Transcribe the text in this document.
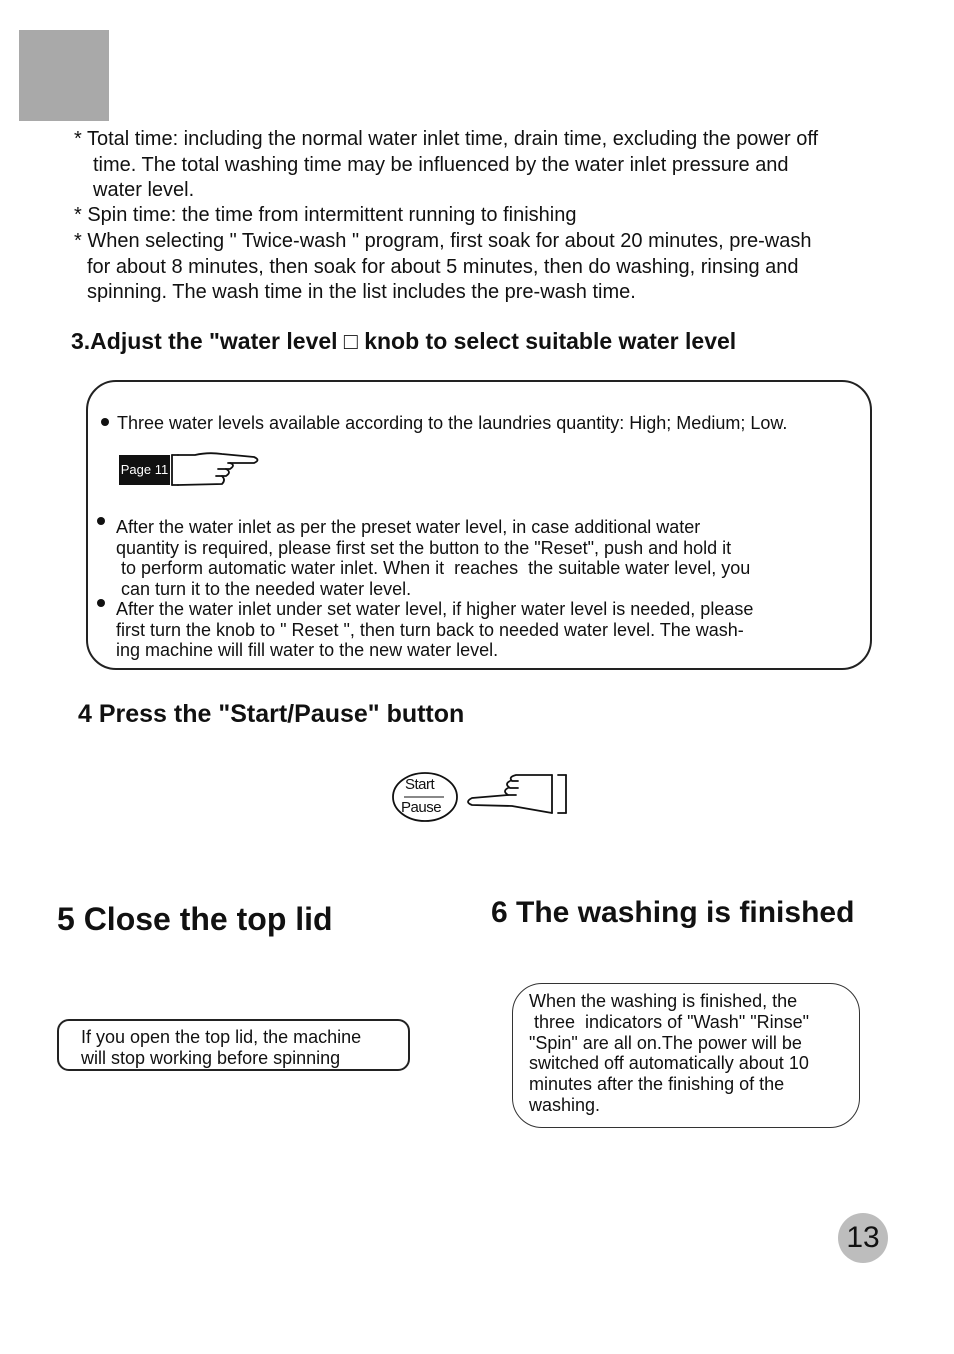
* Total time: including the normal water inlet time, drain time, excluding the power off
time. The total washing time may be influenced by the water inlet pressure and
water level.
* Spin time: the time from intermittent running to finishing
* When selecting " Twice-wash " program, first soak for about 20 minutes, pre-wash
for about 8 minutes, then soak for about 5 minutes, then do washing, rinsing and
spinning. The wash time in the list includes the pre-wash time.
3.Adjust the "water level □ knob to select suitable water level
Three water levels available according to the laundries quantity: High; Medium; Low.
Page 11
After the water inlet as per the preset water level, in case additional water
quantity is required, please first set the button to the "Reset", push and hold it
to perform automatic water inlet. When it  reaches  the suitable water level, you
can turn it to the needed water level.
After the water inlet under set water level, if higher water level is needed, please
first turn the knob to " Reset ", then turn back to needed water level. The wash-
ing machine will fill water to the new water level.
4 Press the "Start/Pause" button
Start
Pause
5 Close the top lid

If you open the top lid, the machine
will stop working before spinning

6 The washing is finished

When the washing is finished, the
three  indicators of "Wash" "Rinse"
"Spin" are all on.The power will be
switched off automatically about 10
minutes after the finishing of the
washing.

13
